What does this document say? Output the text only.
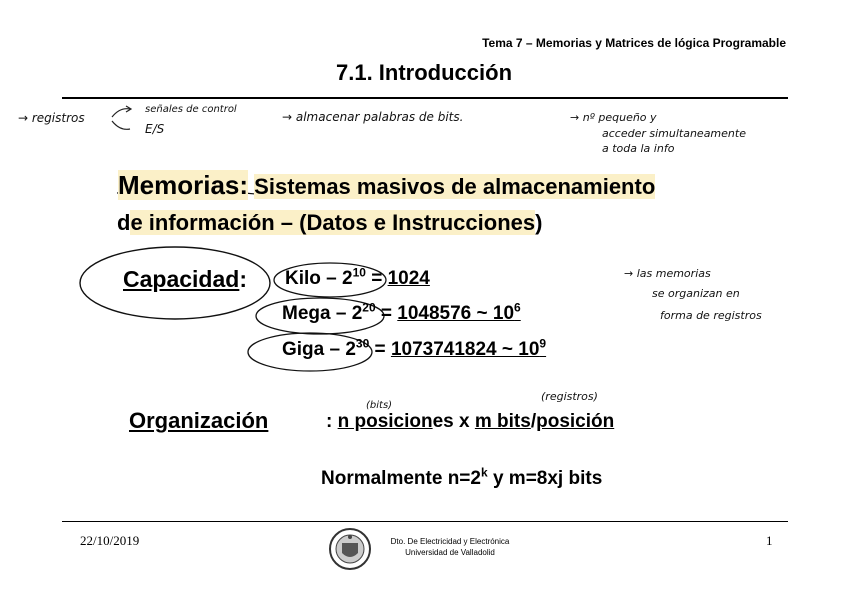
Tema 7 – Memorias y Matrices de lógica Programable
7.1. Introducción
→ registros
señales de control
E/S
→ almacenar palabras de bits.	→ nº pequeño y
acceder simultaneamente
a toda la info
→ las memorias
se organizan en
forma de registros
(bits)
(registros)
Memorias: Sistemas masivos de almacenamiento
de información – (Datos e Instrucciones)
Capacidad: Kilo – $2^{10} = 1024$
Mega – $2^{20} = 1048576$ ~ $10^6$
Giga – $2^{30} = 1073741824$ ~ $10^9$
Organización	: n posiciones x m bits/posición
Normalmente $n=2^k$ y m=8xj bits
22/10/2019	Dto. De Electricidad y Electrónica
Universidad de Valladolid
1
